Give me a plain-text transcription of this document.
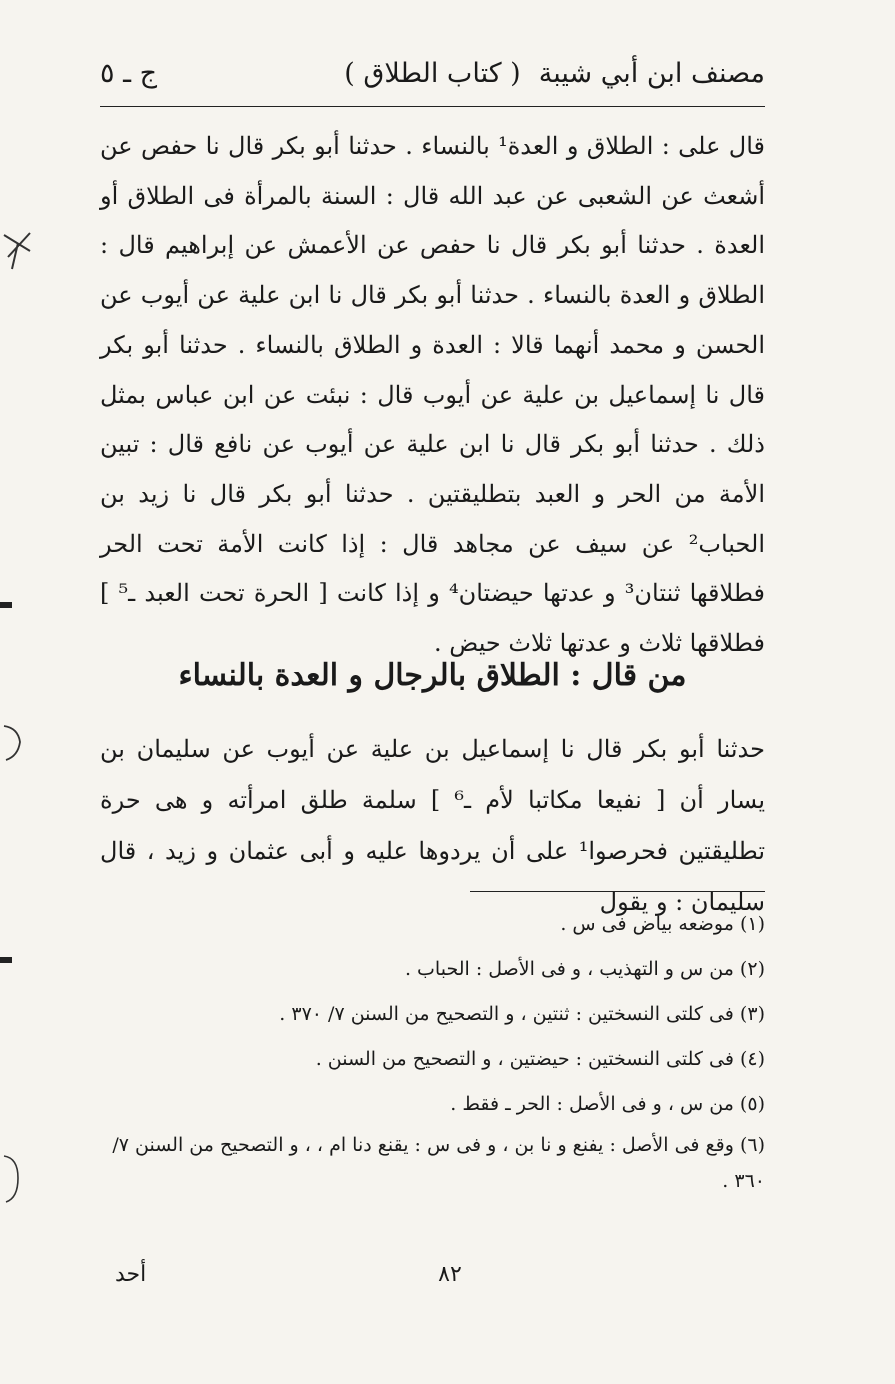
مصنف ابن أبي شيبة
( كتاب الطلاق )
ج ـ ٥

قال على : الطلاق و العدة¹ بالنساء . حدثنا أبو بكر قال نا حفص عن أشعث عن الشعبى عن عبد الله قال : السنة بالمرأة فى الطلاق أو العدة . حدثنا أبو بكر قال نا حفص عن الأعمش عن إبراهيم قال : الطلاق و العدة بالنساء . حدثنا أبو بكر قال نا ابن علية عن أيوب عن الحسن و محمد أنهما قالا : العدة و الطلاق بالنساء . حدثنا أبو بكر قال نا إسماعيل بن علية عن أيوب قال : نبئت عن ابن عباس بمثل ذلك . حدثنا أبو بكر قال نا ابن علية عن أيوب عن نافع قال : تبين الأمة من الحر و العبد بتطليقتين . حدثنا أبو بكر قال نا زيد بن الحباب² عن سيف عن مجاهد قال : إذا كانت الأمة تحت الحر فطلاقها ثنتان³ و عدتها حيضتان⁴ و إذا كانت [ الحرة تحت العبد ـ⁵ ] فطلاقها ثلاث و عدتها ثلاث حيض .

من قال : الطلاق بالرجال و العدة بالنساء

حدثنا أبو بكر قال نا إسماعيل بن علية عن أيوب عن سليمان بن يسار أن [ نفيعا مكاتبا لأم ـ⁶ ] سلمة طلق امرأته و هى حرة تطليقتين فحرصوا¹ على أن يردوها عليه و أبى عثمان و زيد ، قال سليمان : و يقول

(١) موضعه بياض فى س .
(٢) من س و التهذيب ، و فى الأصل : الحباب .
(٣) فى كلتى النسختين : ثنتين ، و التصحيح من السنن ٧/ ٣٧٠ .
(٤) فى كلتى النسختين : حيضتين ، و التصحيح من السنن .
(٥) من س ، و فى الأصل : الحر ـ فقط .
(٦) وقع فى الأصل : يفنع و نا بن ، و فى س : يقنع دنا ام ، ، و التصحيح من السنن ٧/ ٣٦٠ .
٨٢
أحد
